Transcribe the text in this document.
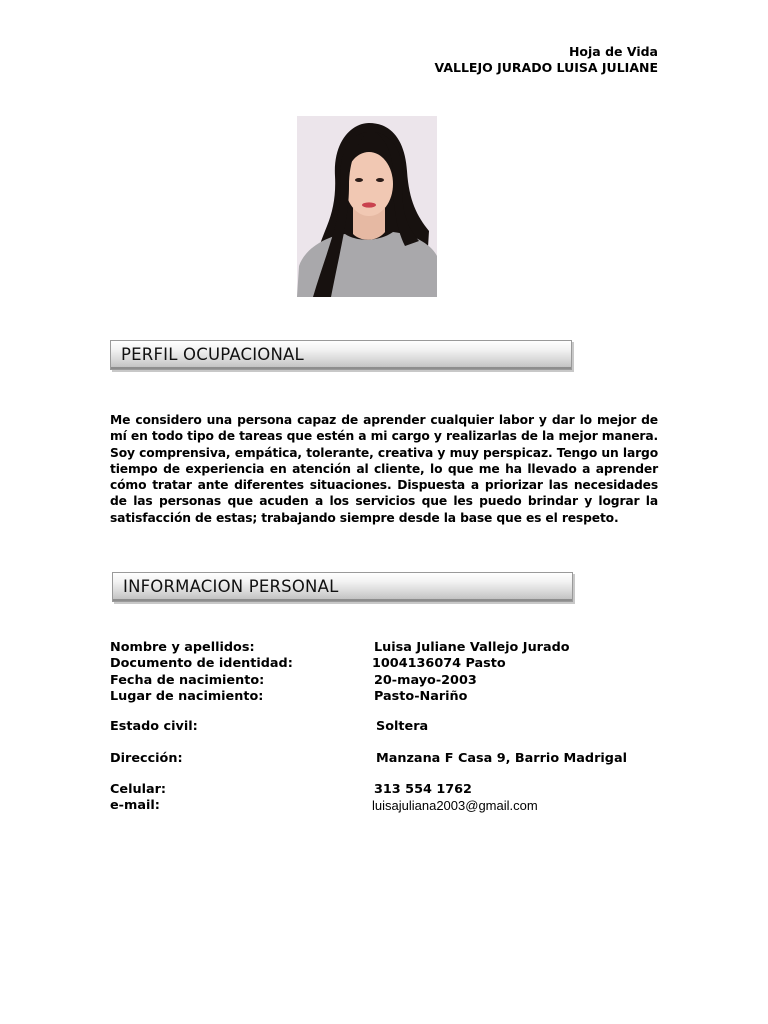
Hoja de Vida
VALLEJO JURADO LUISA JULIANE
PERFIL OCUPACIONAL
Me considero una persona capaz de aprender cualquier labor y dar lo mejor de mí en todo tipo de tareas que estén a mi cargo y realizarlas de la mejor manera. Soy comprensiva, empática, tolerante, creativa y muy perspicaz. Tengo un largo tiempo de experiencia en atención al cliente, lo que me ha llevado a aprender cómo tratar ante diferentes situaciones. Dispuesta a priorizar las necesidades de las personas que acuden a los servicios que les puedo brindar y lograr la satisfacción de estas; trabajando siempre desde la base que es el respeto.
INFORMACION PERSONAL
Nombre y apellidos:	Luisa Juliane Vallejo Jurado
Documento de identidad:	1004136074 Pasto
Fecha de nacimiento:	20-mayo-2003
Lugar de nacimiento:	Pasto-Nariño
Estado civil:	Soltera
Dirección:	Manzana F Casa 9, Barrio Madrigal
Celular:	313 554 1762
e-mail:	luisajuliana2003@gmail.com
